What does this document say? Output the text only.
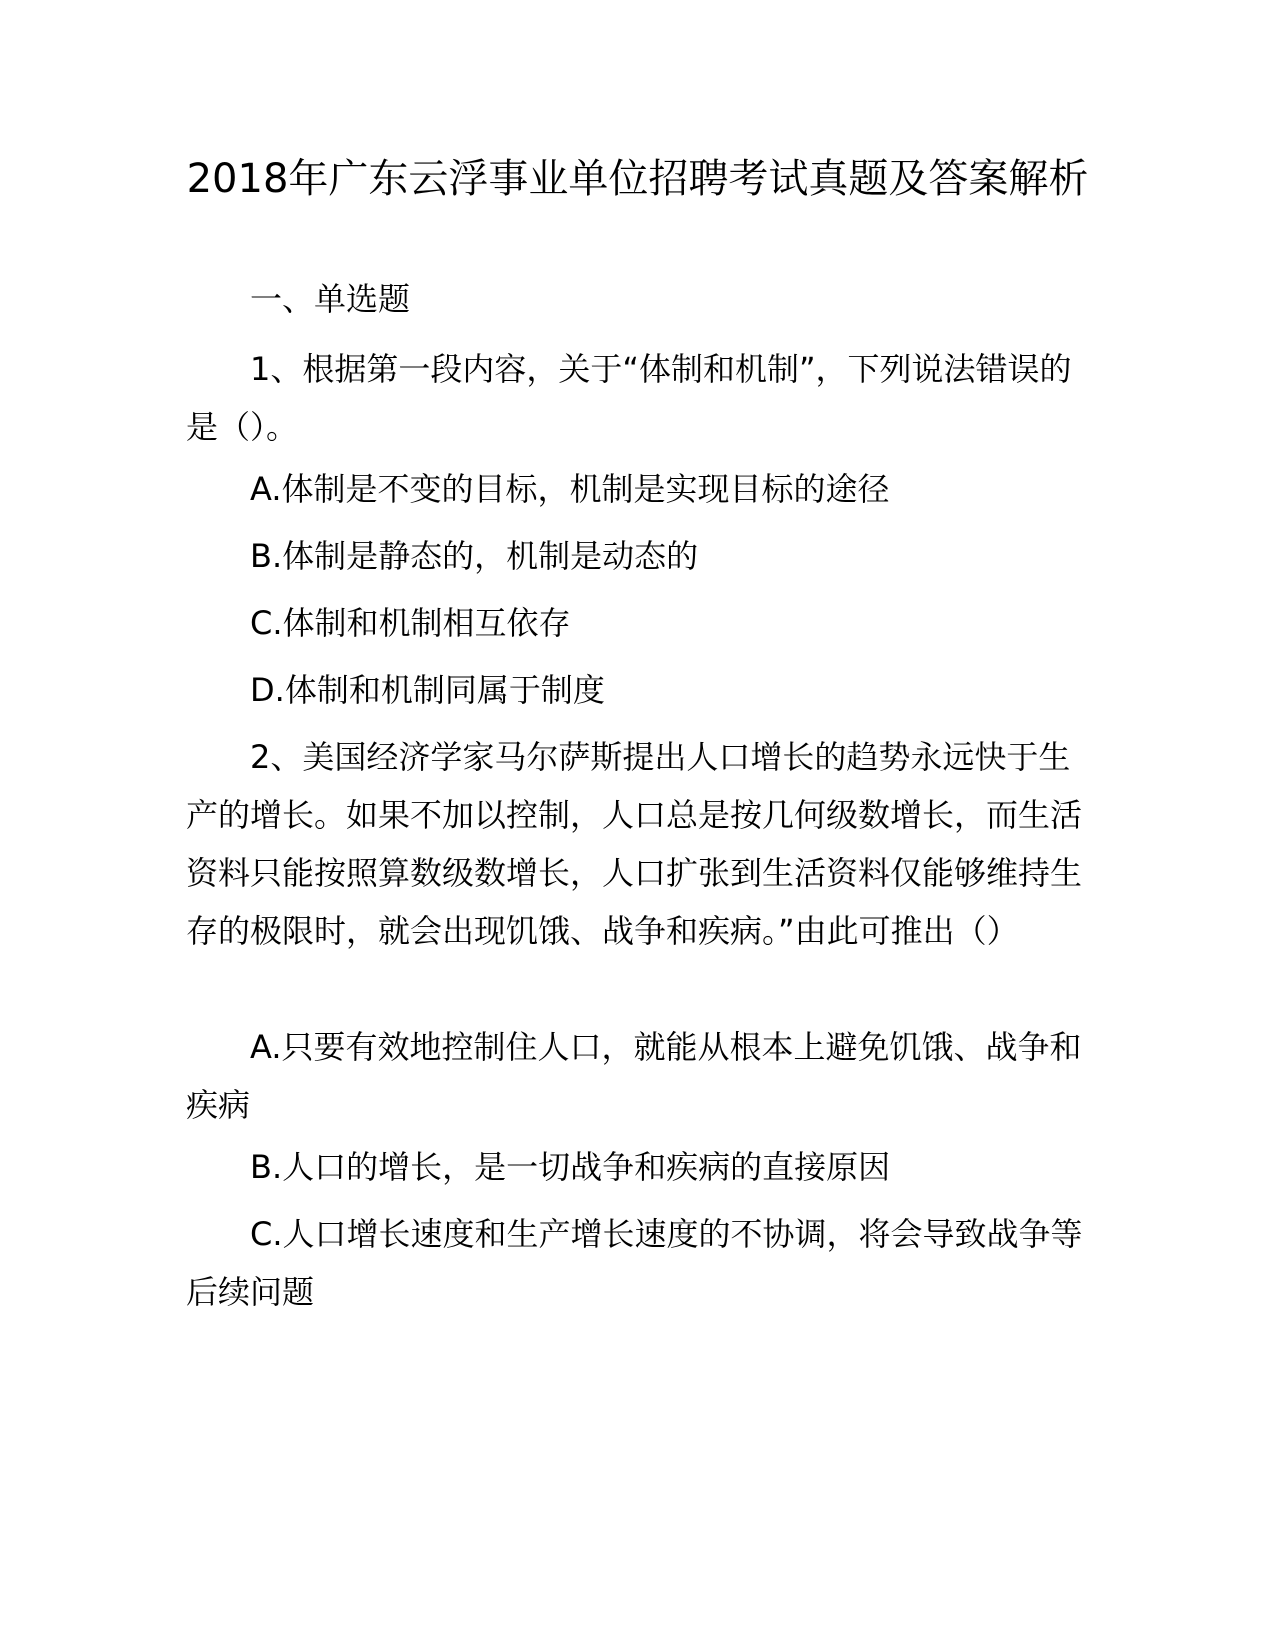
2018年广东云浮事业单位招聘考试真题及答案解析

一、单选题

1、根据第一段内容，关于“体制和机制”，下列说法错误的是（）。

A.体制是不变的目标，机制是实现目标的途径

B.体制是静态的，机制是动态的

C.体制和机制相互依存

D.体制和机制同属于制度

2、美国经济学家马尔萨斯提出人口增长的趋势永远快于生产的增长。如果不加以控制，人口总是按几何级数增长，而生活资料只能按照算数级数增长，人口扩张到生活资料仅能够维持生存的极限时，就会出现饥饿、战争和疾病。”由此可推出（）

A.只要有效地控制住人口，就能从根本上避免饥饿、战争和疾病

B.人口的增长，是一切战争和疾病的直接原因

C.人口增长速度和生产增长速度的不协调，将会导致战争等后续问题
